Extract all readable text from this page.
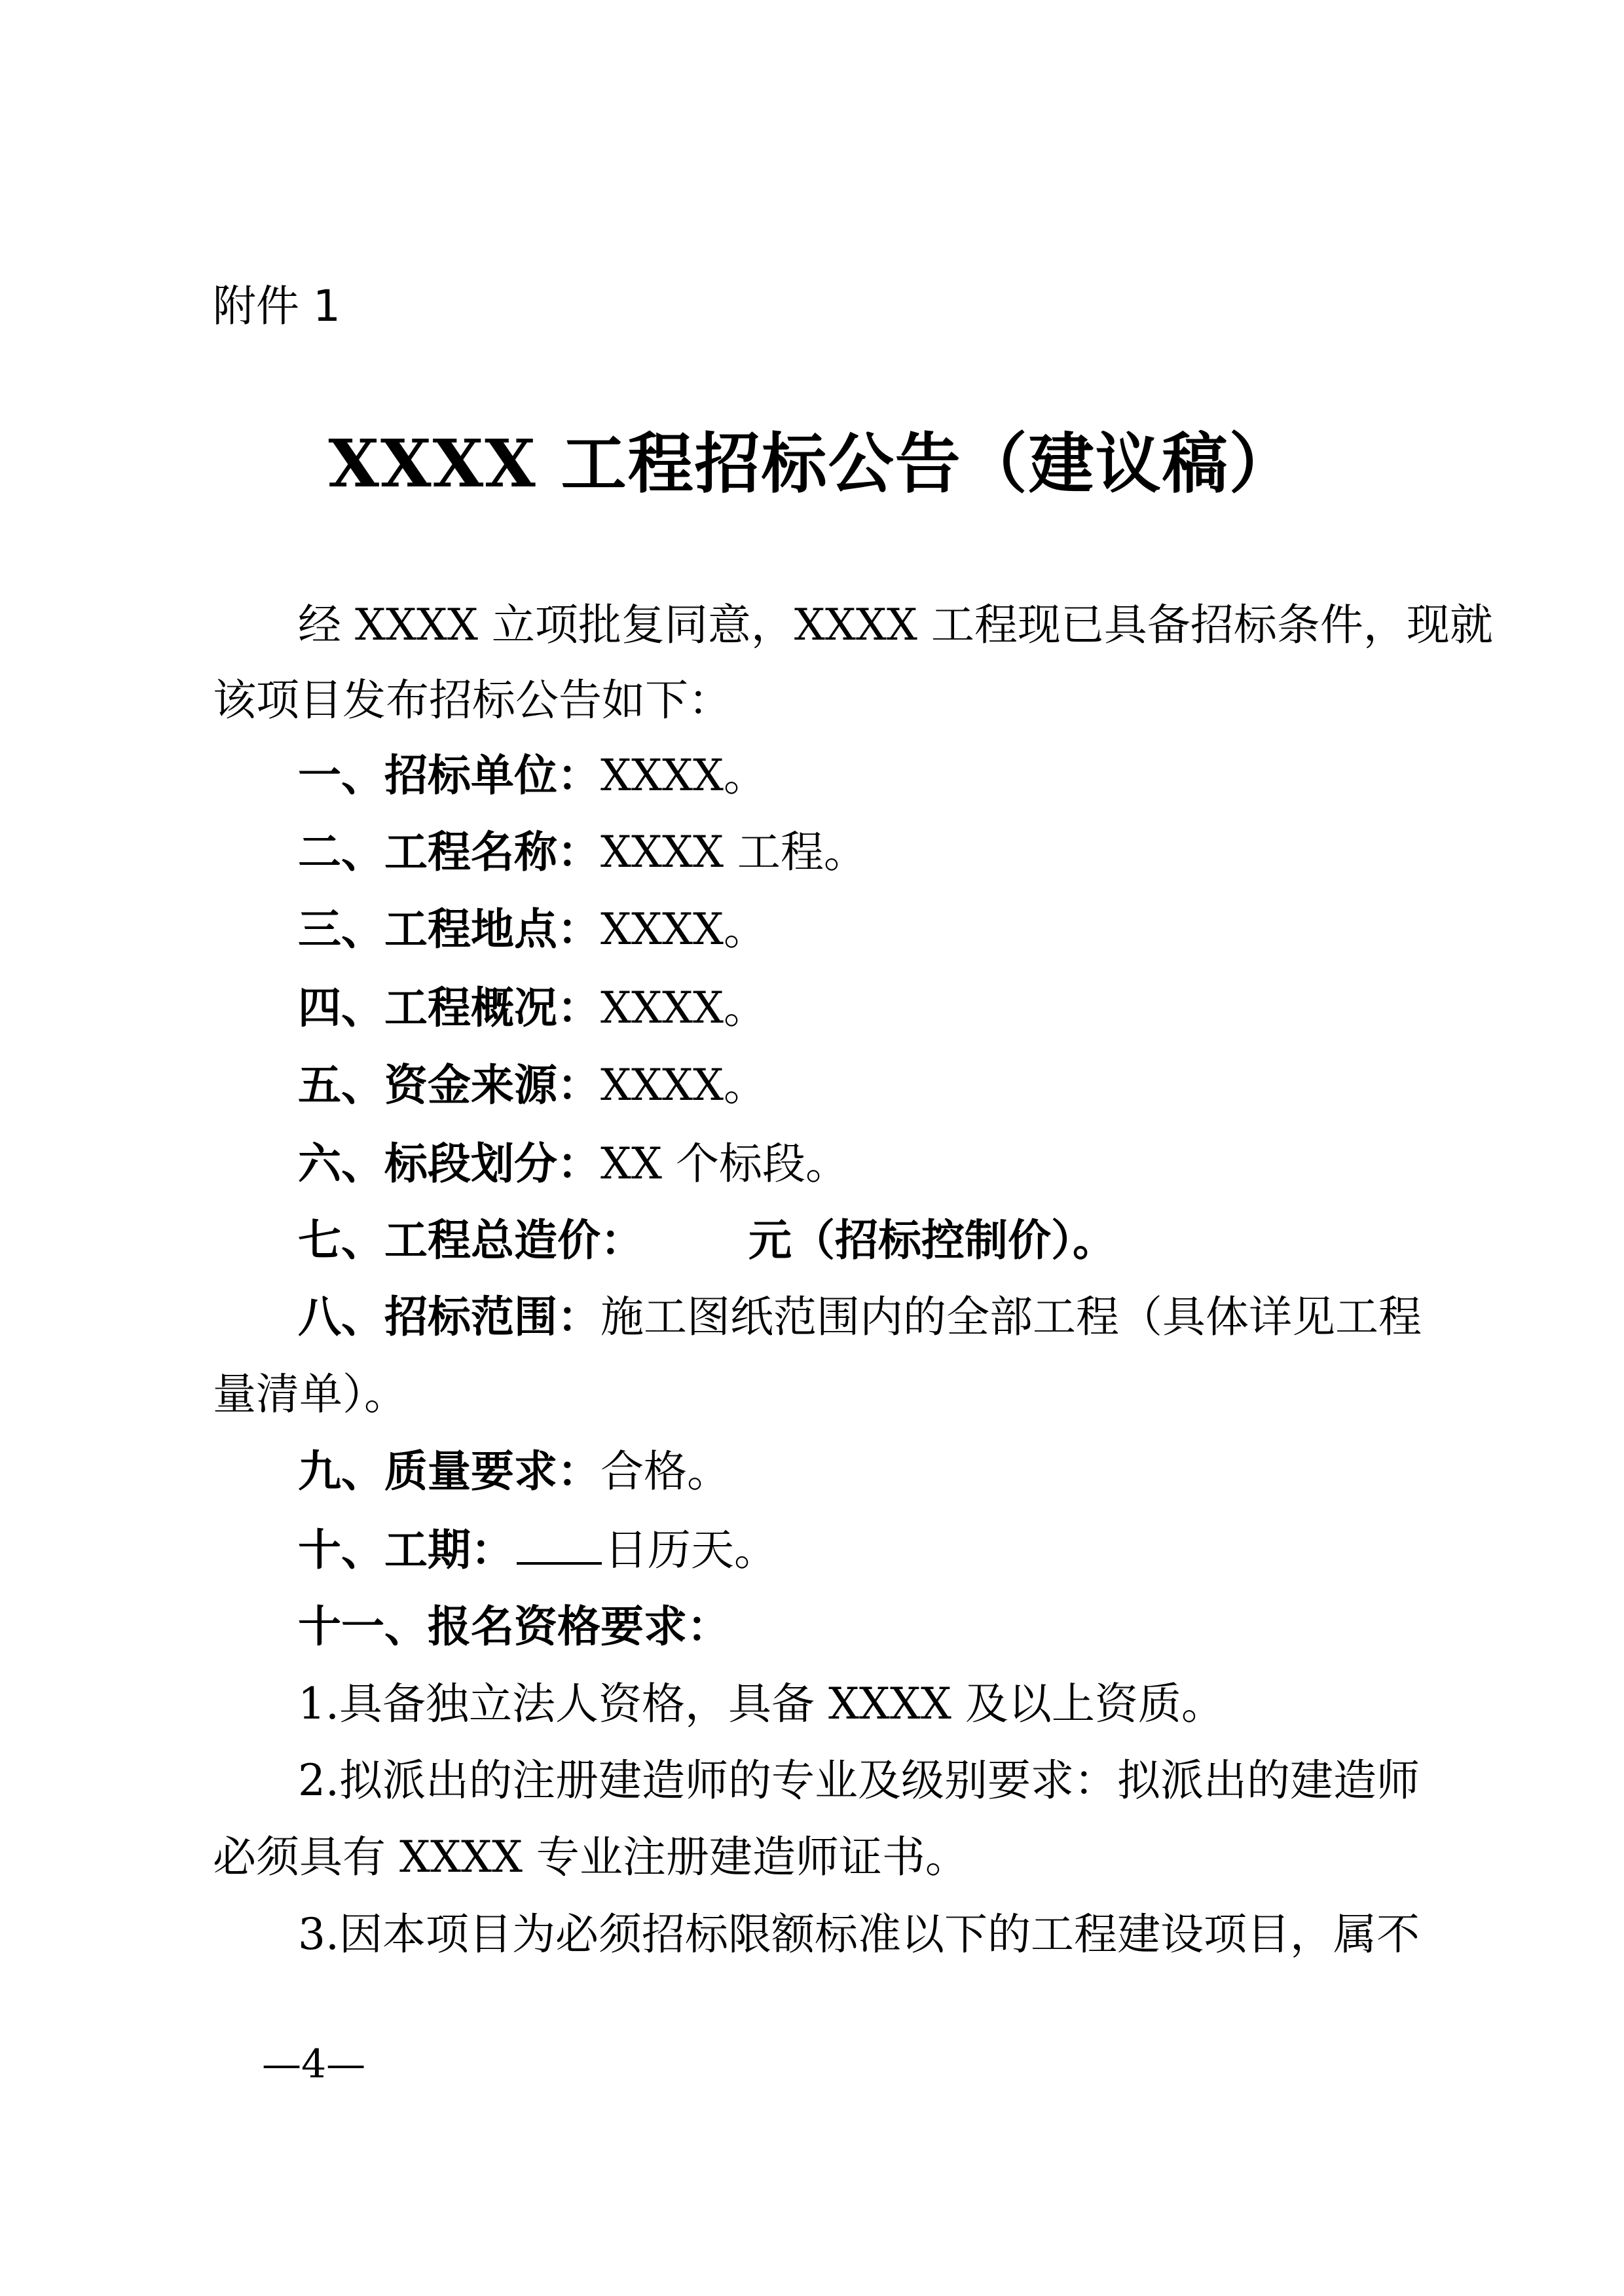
附件 1
XXXX 工程招标公告（建议稿）
经 XXXX 立项批复同意，XXXX 工程现已具备招标条件，现就
该项目发布招标公告如下：
一、招标单位：XXXX。
二、工程名称：XXXX 工程。
三、工程地点：XXXX。
四、工程概况：XXXX。
五、资金来源：XXXX。
六、标段划分：XX 个标段。
七、工程总造价： 元（招标控制价）。
八、招标范围：施工图纸范围内的全部工程（具体详见工程
量清单）。
九、质量要求：合格。
十、工期： 日历天。
十一、报名资格要求：
1.具备独立法人资格，具备 XXXX 及以上资质。
2.拟派出的注册建造师的专业及级别要求：拟派出的建造师
必须具有 XXXX 专业注册建造师证书。
3.因本项目为必须招标限额标准以下的工程建设项目，属不
—4—
